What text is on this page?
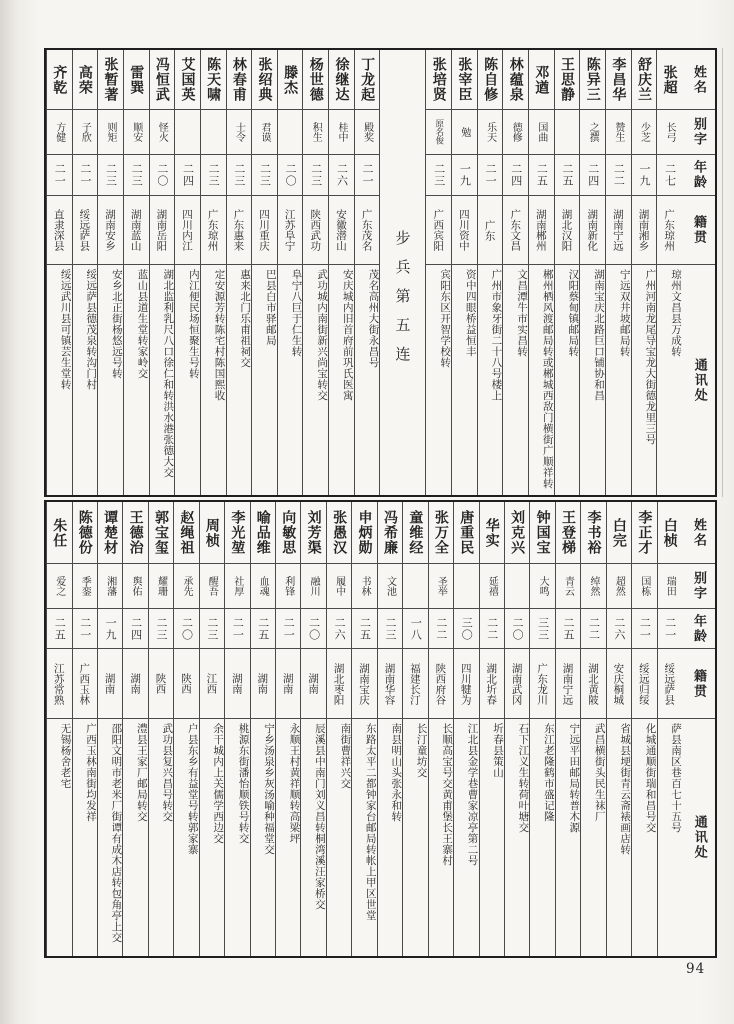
姓名
别字
年龄
籍贯
通讯处
张超
长弓
二七
广东琼州
琼州文昌县万成转
舒庆兰
少芝
一九
湖南湘乡
广州河南龙尾导宝龙大街德龙里三号
李昌华
赞生
二二
湖南宁远
宁远双井坡邮局转
陈异三
之撰
二四
湖南新化
湖南宝庆北路巨口铺协和昌
王思静
二五
湖北汉阳
汉阳蔡甸镇邮局转
邓遒
国曲
二五
湖南郴州
郴州栖风渡邮局转或郴城西敌门横街广顺祥转
林蕴泉
德修
二四
广东文昌
文昌潭牛市实昌转
陈自修
乐天
二一
广东
广州市象牙街二十八号楼上
张宰臣
勉
一九
四川资中
资中四眼桥益恒丰
张培贤
原名俊
二三
广西宾阳
宾阳东区开智学校转
步兵第五连
丁龙起
殿奖
二一
广东茂名
茂名高州大街永昌号
徐继达
桂中
二六
安徽潜山
安庆城内旧首府前巩氏医寓
杨世德
积生
二三
陕西武功
武功城内南街新兴尚宝转交
滕杰
二〇
江苏阜宁
阜宁八巨于仁生转
张绍典
君谟
二三
四川重庆
巴县白市驿邮局
林春甫
士令
二三
广东惠来
惠来北门乐甫祖祠交
陈天啸
二三
广东琼州
定安源芳转陈宅村陈国熙收
艾国英
二四
四川内江
内江便民场恒聚生号转
冯恒武
怪火
二〇
湖南岳阳
湖北监利乳尺八口徐仁和转洪水港张德大交
雷巽
顺安
二三
湖南蓝山
蓝山县道生堂转家岭交
张暂著
则矩
二三
湖南安乡
安乡北正街杨悠远号转
高荣
子欣
二一
绥远萨县
绥远萨县德茂泉转沟门村
齐乾
方健
二一
直隶深县
绥远武川县可镇芸生堂转
姓名
别字
年龄
籍贯
通讯处
白桢
瑞田
二一
绥远萨县
萨县南区巷百七十五号
李正才
国栋
二一
绥远归绥
化城通顺街瑞和昌号交
白完
超然
二六
安庆桐城
省城县埂街青云斋裱画店转
李书裕
绰然
二二
湖北黄陂
武昌横街头民生袜厂
王登梯
青云
二五
湖南宁远
宁远平田邮局转普木源
钟国宝
大鸣
三三
广东龙川
东江老隆鹤市盛记隆
刘克兴
二〇
湖南武冈
石下江义生转荷叶塘交
华实
延禧
二二
湖北圻春
圻春县策山
唐重民
三〇
四川犍为
江北县金学巷曹家凉亭第二号
张万全
圣举
二二
陕西府谷
长顺高宝号交黄甫堡长王寨村
童维经
一八
福建长汀
长汀童坊交
冯希廉
文池
二三
湖南华容
南县明山头张永和转
申炳勋
书林
二五
湖南宝庆
东路太平二都钟家台邮局转帐上甲区世堂
张愚汉
履中
二六
湖北枣阳
南街曹祥兴交
刘芳渠
融川
二〇
湖南
辰溪县中南门刘义昌转桐湾溪汪家桥交
向敏思
利锋
二一
湖南
永顺王村黄祥顺转高梁坪
喻品维
血魂
二五
湖南
宁乡汤泉乡灰汤喻种福堂交
李光堃
社厚
二一
湖南
桃源东街潘怡顺铁号转交
周桢
醒吾
二三
江西
余干城内上关儒学西边交
赵绳祖
承先
二〇
陕西
户县东乡有益堂号转郭家寨
郭宝玺
耀珊
二三
陕西
武功县复兴昌号转交
王德治
舆佑
二四
湖南
澧县王家厂邮局转交
谭楚材
湘藩
一九
湖南
邵阳文明市老米厂街谭有成木店转包角亭上交
陈德份
季銮
二一
广西玉林
广西玉林南街均发祥
朱任
爱之
二五
江苏常熟
无锡杨舍老宅
94
